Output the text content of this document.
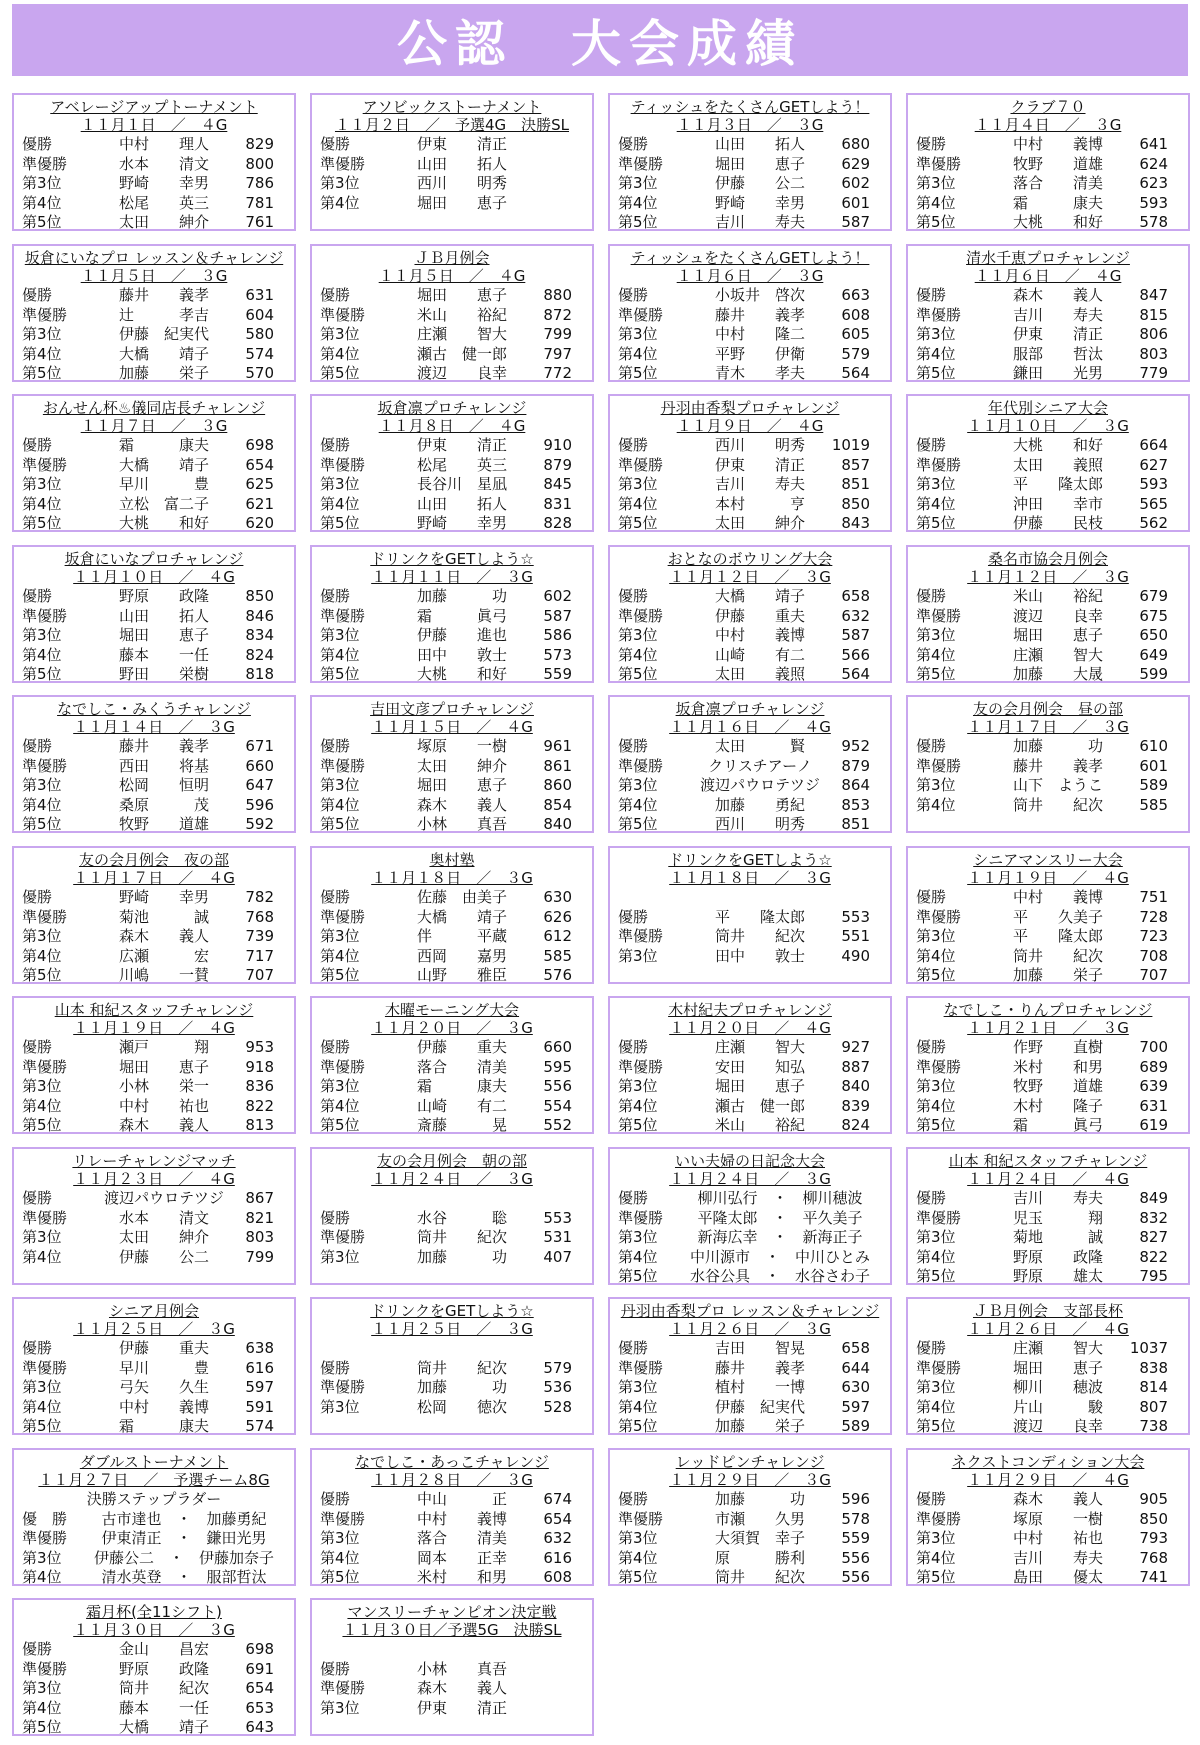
公認　大会成績
アベレージアップトーナメント
１１月１日　／　４G
優勝	中村　　理人	829
準優勝	水本　　清文	800
第3位	野崎　　幸男	786
第4位	松尾　　英三	781
第5位	太田　　紳介	761
アソビックストーナメント
１１月２日　／　予選4G　決勝SL
優勝	伊東　　清正
準優勝	山田　　拓人
第3位	西川　　明秀
第4位	堀田　　恵子
ティッシュをたくさんGETしよう！
１１月３日　／　３G
優勝	山田　　拓人	680
準優勝	堀田　　恵子	629
第3位	伊藤　　公二	602
第4位	野崎　　幸男	601
第5位	吉川　　寿夫	587
クラブ７０
１１月４日　／　３G
優勝	中村　　義博	641
準優勝	牧野　　道雄	624
第3位	落合　　清美	623
第4位	霜　　　康夫	593
第5位	大桃　　和好	578
坂倉にいなプロ レッスン＆チャレンジ
１１月５日　／　３G
優勝	藤井　　義孝	631
準優勝	辻　　　孝吉	604
第3位	伊藤　紀実代	580
第4位	大橋　　靖子	574
第5位	加藤　　栄子	570
ＪＢ月例会
１１月５日　／　４G
優勝	堀田　　恵子	880
準優勝	米山　　裕紀	872
第3位	庄瀬　　智大	799
第4位	瀬古　健一郎	797
第5位	渡辺　　良幸	772
ティッシュをたくさんGETしよう！
１１月６日　／　３G
優勝	小坂井　啓次	663
準優勝	藤井　　義孝	608
第3位	中村　　隆二	605
第4位	平野　　伊衛	579
第5位	青木　　孝夫	564
清水千恵プロチャレンジ
１１月６日　／　４G
優勝	森木　　義人	847
準優勝	吉川　　寿夫	815
第3位	伊東　　清正	806
第4位	服部　　哲汰	803
第5位	鎌田　　光男	779
おんせん杯♨儀同店長チャレンジ
１１月７日　／　３G
優勝	霜　　　康夫	698
準優勝	大橋　　靖子	654
第3位	早川　　　豊	625
第4位	立松　富二子	621
第5位	大桃　　和好	620
坂倉凛プロチャレンジ
１１月８日　／　４G
優勝	伊東　　清正	910
準優勝	松尾　　英三	879
第3位	長谷川　星凪	845
第4位	山田　　拓人	831
第5位	野崎　　幸男	828
丹羽由香梨プロチャレンジ
１１月９日　／　４G
優勝	西川　　明秀	1019
準優勝	伊東　　清正	857
第3位	吉川　　寿夫	851
第4位	本村　　　亨	850
第5位	太田　　紳介	843
年代別シニア大会
１１月１０日　／　３G
優勝	大桃　　和好	664
準優勝	太田　　義照	627
第3位	平　　隆太郎	593
第4位	沖田　　幸市	565
第5位	伊藤　　民枝	562
坂倉にいなプロチャレンジ
１１月１０日　／　４G
優勝	野原　　政隆	850
準優勝	山田　　拓人	846
第3位	堀田　　恵子	834
第4位	藤本　　一任	824
第5位	野田　　栄樹	818
ドリンクをGETしよう☆
１１月１１日　／　３G
優勝	加藤　　　功	602
準優勝	霜　　　眞弓	587
第3位	伊藤　　進也	586
第4位	田中　　敦士	573
第5位	大桃　　和好	559
おとなのボウリング大会
１１月１２日　／　３G
優勝	大橋　　靖子	658
準優勝	伊藤　　重夫	632
第3位	中村　　義博	587
第4位	山崎　　有二	566
第5位	太田　　義照	564
桑名市協会月例会
１１月１２日　／　３G
優勝	米山　　裕紀	679
準優勝	渡辺　　良幸	675
第3位	堀田　　恵子	650
第4位	庄瀬　　智大	649
第5位	加藤　　大晟	599
なでしこ・みくうチャレンジ
１１月１４日　／　３G
優勝	藤井　　義孝	671
準優勝	西田　　将基	660
第3位	松岡　　恒明	647
第4位	桑原　　　茂	596
第5位	牧野　　道雄	592
吉田文彦プロチャレンジ
１１月１５日　／　４G
優勝	塚原　　一樹	961
準優勝	太田　　紳介	861
第3位	堀田　　恵子	860
第4位	森木　　義人	854
第5位	小林　　真吾	840
坂倉凛プロチャレンジ
１１月１６日　／　４G
優勝	太田　　　賢	952
準優勝	クリスチアーノ	879
第3位	渡辺パウロテツジ	864
第4位	加藤　　勇紀	853
第5位	西川　　明秀	851
友の会月例会　昼の部
１１月１７日　／　３G
優勝	加藤　　　功	610
準優勝	藤井　　義孝	601
第3位	山下　ようこ	589
第4位	筒井　　紀次	585
友の会月例会　夜の部
１１月１７日　／　４G
優勝	野崎　　幸男	782
準優勝	菊池　　　誠	768
第3位	森木　　義人	739
第4位	広瀬　　　宏	717
第5位	川嶋　　一賛	707
奥村塾
１１月１８日　／　３G
優勝	佐藤　由美子	630
準優勝	大橋　　靖子	626
第3位	伴　　　平蔵	612
第4位	西岡　　嘉男	585
第5位	山野　　雅臣	576
ドリンクをGETしよう☆
１１月１８日　／　３G
優勝	平　　隆太郎	553
準優勝	筒井　　紀次	551
第3位	田中　　敦士	490
シニアマンスリー大会
１１月１９日　／　４G
優勝	中村　　義博	751
準優勝	平　　久美子	728
第3位	平　　隆太郎	723
第4位	筒井　　紀次	708
第5位	加藤　　栄子	707
山本 和紀スタッフチャレンジ
１１月１９日　／　４G
優勝	瀬戸　　　翔	953
準優勝	堀田　　恵子	918
第3位	小林　　栄一	836
第4位	中村　　祐也	822
第5位	森木　　義人	813
木曜モーニング大会
１１月２０日　／　３G
優勝	伊藤　　重夫	660
準優勝	落合　　清美	595
第3位	霜　　　康夫	556
第4位	山崎　　有二	554
第5位	斎藤　　　晃	552
木村紀夫プロチャレンジ
１１月２０日　／　４G
優勝	庄瀬　　智大	927
準優勝	安田　　知弘	887
第3位	堀田　　恵子	840
第4位	瀬古　健一郎	839
第5位	米山　　裕紀	824
なでしこ・りんプロチャレンジ
１１月２１日　／　３G
優勝	作野　　直樹	700
準優勝	米村　　和男	689
第3位	牧野　　道雄	639
第4位	木村　　隆子	631
第5位	霜　　　眞弓	619
リレーチャレンジマッチ
１１月２３日　／　４G
優勝	渡辺パウロテツジ	867
準優勝	水本　　清文	821
第3位	太田　　紳介	803
第4位	伊藤　　公二	799
友の会月例会　朝の部
１１月２４日　／　３G
優勝	水谷　　　聡	553
準優勝	筒井　　紀次	531
第3位	加藤　　　功	407
いい夫婦の日記念大会
１１月２４日　／　３G
優勝	柳川弘行　・　柳川穂波
準優勝	平隆太郎　・　平久美子
第3位	新海広幸　・　新海正子
第4位	中川源市　・　中川ひとみ
第5位	水谷公具　・　水谷さわ子
山本 和紀スタッフチャレンジ
１１月２４日　／　４G
優勝	吉川　　寿夫	849
準優勝	児玉　　　翔	832
第3位	菊地　　　誠	827
第4位	野原　　政隆	822
第5位	野原　　雄太	795
シニア月例会
１１月２５日　／　３G
優勝	伊藤　　重夫	638
準優勝	早川　　　豊	616
第3位	弓矢　　久生	597
第4位	中村　　義博	591
第5位	霜　　　康夫	574
ドリンクをGETしよう☆
１１月２５日　／　３G
優勝	筒井　　紀次	579
準優勝	加藤　　　功	536
第3位	松岡　　徳次	528
丹羽由香梨プロ レッスン＆チャレンジ
１１月２６日　／　３G
優勝	吉田　　智晃	658
準優勝	藤井　　義孝	644
第3位	植村　　一博	630
第4位	伊藤　紀実代	597
第5位	加藤　　栄子	589
ＪＢ月例会　支部長杯
１１月２６日　／　４G
優勝	庄瀬　　智大	1037
準優勝	堀田　　恵子	838
第3位	柳川　　穂波	814
第4位	片山　　　駿	807
第5位	渡辺　　良幸	738
ダブルストーナメント
１１月２７日　／　予選チーム8G
決勝ステップラダー
優　勝	古市達也　・　加藤勇紀
準優勝	伊東清正　・　鎌田光男
第3位	伊藤公二　・　伊藤加奈子
第4位	清水英登　・　服部哲汰
なでしこ・あっこチャレンジ
１１月２８日　／　３G
優勝	中山　　　正	674
準優勝	中村　　義博	654
第3位	落合　　清美	632
第4位	岡本　　正幸	616
第5位	米村　　和男	608
レッドピンチャレンジ
１１月２９日　／　３G
優勝	加藤　　　功	596
準優勝	市瀬　　久男	578
第3位	大須賀　幸子	559
第4位	原　　　勝利	556
第5位	筒井　　紀次	556
ネクストコンディション大会
１１月２９日　／　４G
優勝	森木　　義人	905
準優勝	塚原　　一樹	850
第3位	中村　　祐也	793
第4位	吉川　　寿夫	768
第5位	島田　　優太	741
霜月杯(全11シフト)
１１月３０日　／　３G
優勝	金山　　昌宏	698
準優勝	野原　　政隆	691
第3位	筒井　　紀次	654
第4位	藤本　　一任	653
第5位	大橋　　靖子	643
マンスリーチャンピオン決定戦
１１月３０日／予選5G　決勝SL
優勝	小林　　真吾
準優勝	森木　　義人
第3位	伊東　　清正
